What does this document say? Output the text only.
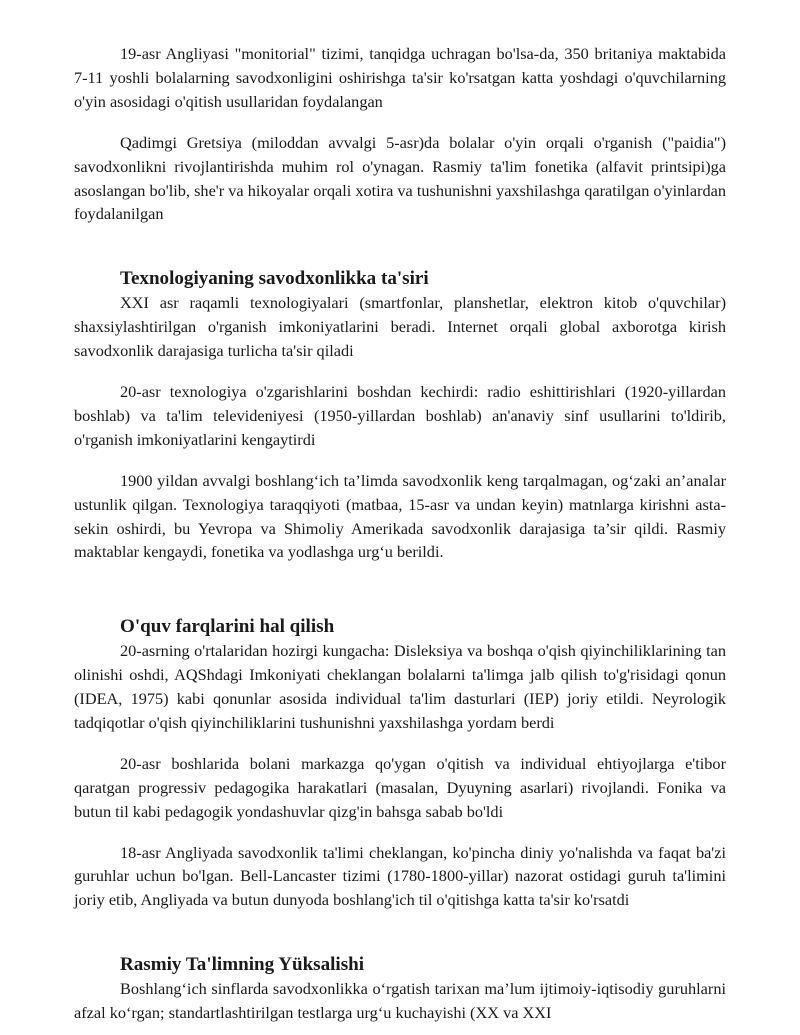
19-asr Angliyasi "monitorial" tizimi, tanqidga uchragan bo'lsa-da, 350 britaniya maktabida 7-11 yoshli bolalarning savodxonligini oshirishga ta'sir ko'rsatgan katta yoshdagi o'quvchilarning o'yin asosidagi o'qitish usullaridan foydalangan

Qadimgi Gretsiya (miloddan avvalgi 5-asr)da bolalar o'yin orqali o'rganish ("paidia") savodxonlikni rivojlantirishda muhim rol o'ynagan. Rasmiy ta'lim fonetika (alfavit printsipi)ga asoslangan bo'lib, she'r va hikoyalar orqali xotira va tushunishni yaxshilashga qaratilgan o'yinlardan foydalanilgan

Texnologiyaning savodxonlikka ta'siri

XXI asr raqamli texnologiyalari (smartfonlar, planshetlar, elektron kitob o'quvchilar) shaxsiylashtirilgan o'rganish imkoniyatlarini beradi. Internet orqali global axborotga kirish savodxonlik darajasiga turlicha ta'sir qiladi

20-asr texnologiya o'zgarishlarini boshdan kechirdi: radio eshittirishlari (1920-yillardan boshlab) va ta'lim televideniyesi (1950-yillardan boshlab) an'anaviy sinf usullarini to'ldirib, o'rganish imkoniyatlarini kengaytirdi

1900 yildan avvalgi boshlang‘ich ta’limda savodxonlik keng tarqalmagan, og‘zaki an’analar ustunlik qilgan. Texnologiya taraqqiyoti (matbaa, 15-asr va undan keyin) matnlarga kirishni asta-sekin oshirdi, bu Yevropa va Shimoliy Amerikada savodxonlik darajasiga ta’sir qildi. Rasmiy maktablar kengaydi, fonetika va yodlashga urg‘u berildi.

O'quv farqlarini hal qilish

20-asrning o'rtalaridan hozirgi kungacha: Disleksiya va boshqa o'qish qiyinchiliklarining tan olinishi oshdi, AQShdagi Imkoniyati cheklangan bolalarni ta'limga jalb qilish to'g'risidagi qonun (IDEA, 1975) kabi qonunlar asosida individual ta'lim dasturlari (IEP) joriy etildi. Neyrologik tadqiqotlar o'qish qiyinchiliklarini tushunishni yaxshilashga yordam berdi

20-asr boshlarida bolani markazga qo'ygan o'qitish va individual ehtiyojlarga e'tibor qaratgan progressiv pedagogika harakatlari (masalan, Dyuyning asarlari) rivojlandi. Fonika va butun til kabi pedagogik yondashuvlar qizg'in bahsga sabab bo'ldi

18-asr Angliyada savodxonlik ta'limi cheklangan, ko'pincha diniy yo'nalishda va faqat ba'zi guruhlar uchun bo'lgan. Bell-Lancaster tizimi (1780-1800-yillar) nazorat ostidagi guruh ta'limini joriy etib, Angliyada va butun dunyoda boshlang'ich til o'qitishga katta ta'sir ko'rsatdi

Rasmiy Ta'limning Yüksalishi

Boshlang‘ich sinflarda savodxonlikka o‘rgatish tarixan ma’lum ijtimoiy-iqtisodiy guruhlarni afzal ko‘rgan; standartlashtirilgan testlarga urg‘u kuchayishi (XX va XXI
